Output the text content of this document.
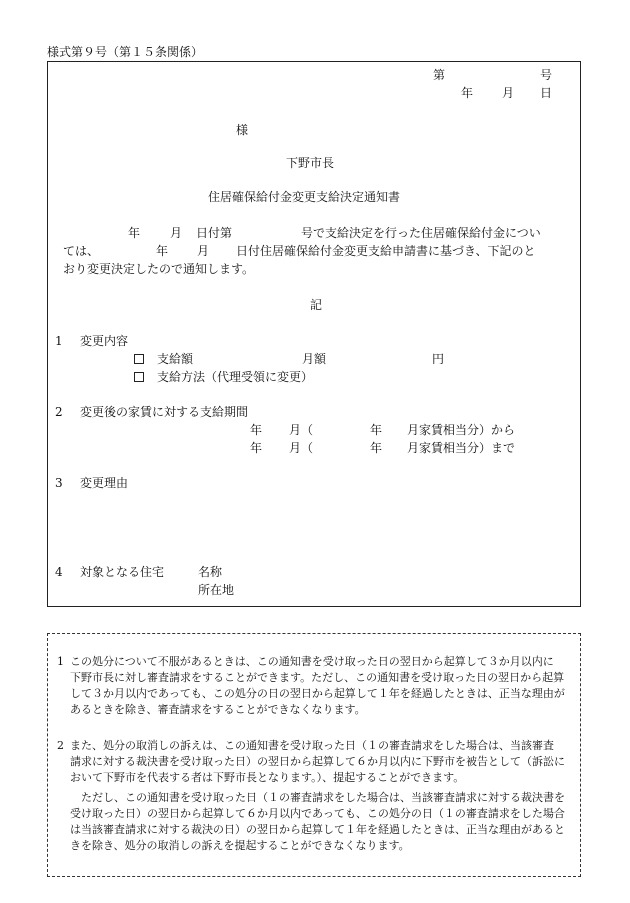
様式第９号（第１５条関係）
第	号
年 月 日
様
下野市長
住居確保給付金変更支給決定通知書
年 月 日付第	号で支給決定を行った住居確保給付金につい
ては、	年 月 日付住居確保給付金変更支給申請書に基づき、下記のと
おり変更決定したので通知します。
記
1 変更内容
支給額	月額	円
支給方法（代理受領に変更）
2 変更後の家賃に対する支給期間
年 月（	年 月家賃相当分）から
年 月（	年 月家賃相当分）まで
3 変更理由
4 対象となる住宅	名称
所在地
1 この処分について不服があるときは、この通知書を受け取った日の翌日から起算して３か月以内に
下野市長に対し審査請求をすることができます。ただし、この通知書を受け取った日の翌日から起算
して３か月以内であっても、この処分の日の翌日から起算して１年を経過したときは、正当な理由が
あるときを除き、審査請求をすることができなくなります。
2 また、処分の取消しの訴えは、この通知書を受け取った日（１の審査請求をした場合は、当該審査
請求に対する裁決書を受け取った日）の翌日から起算して６か月以内に下野市を被告として（訴訟に
おいて下野市を代表する者は下野市長となります。）、提起することができます。
ただし、この通知書を受け取った日（１の審査請求をした場合は、当該審査請求に対する裁決書を
受け取った日）の翌日から起算して６か月以内であっても、この処分の日（１の審査請求をした場合
は当該審査請求に対する裁決の日）の翌日から起算して１年を経過したときは、正当な理由があると
きを除き、処分の取消しの訴えを提起することができなくなります。
